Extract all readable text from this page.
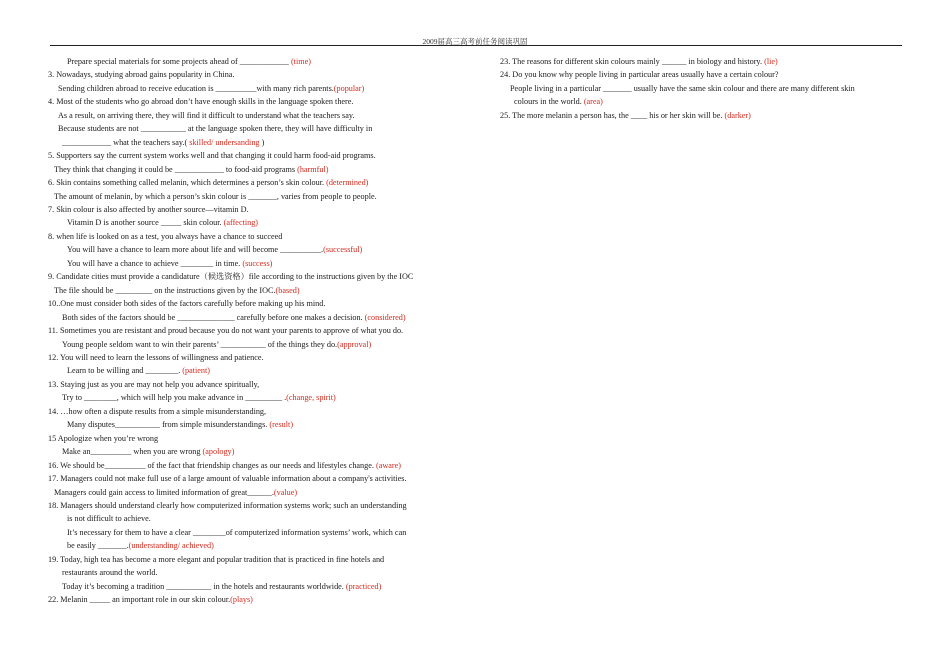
2009届高三高考前任务阅读巩固
Prepare special materials for some projects ahead of ____________ (time)
3. Nowadays, studying abroad gains popularity in China.
Sending children abroad to receive education is __________with many rich parents.(popular)
4. Most of the students who go abroad don’t have enough skills in the language spoken there.
As a result, on arriving there, they will find it difficult to understand what the teachers say.
Because students are not ___________ at the language spoken there, they will have difficulty in
____________ what the teachers say.( skilled/ undersanding )
5. Supporters say the current system works well and that changing it could harm food-aid programs.
They think that changing it could be ____________ to food-aid programs (harmful)
6. Skin contains something called melanin, which determines a person’s skin colour. (determined)
The amount of melanin, by which a person’s skin colour is _______, varies from people to people.
7. Skin colour is also affected by another source—vitamin D.
Vitamin D is another source _____ skin colour. (affecting)
8. when life is looked on as a test, you always have a chance to succeed
You will have a chance to learn more about life and will become __________.(successful)
You will have a chance to achieve ________ in time. (success)
9. Candidate cities must provide a candidature（候选资格）file according to the instructions given by the IOC
The file should be _________ on the instructions given by the IOC.(based)
10..One must consider both sides of the factors carefully before making up his mind.
Both sides of the factors should be ______________ carefully before one makes a decision. (considered)
11. Sometimes you are resistant and proud because you do not want your parents to approve of what you do.
Young people seldom want to win their parents’ ___________ of the things they do.(approval)
12. You will need to learn the lessons of willingness and patience.
Learn to be willing and ________. (patient)
13. Staying just as you are may not help you advance spiritually,
Try to ________, which will help you make advance in _________ .(change, spirit)
14. …how often a dispute results from a simple misunderstanding,
Many disputes___________ from simple misunderstandings. (result)
15 Apologize when you’re wrong
Make an__________ when you are wrong (apology)
16. We should be__________ of the fact that friendship changes as our needs and lifestyles change. (aware)
17. Managers could not make full use of a large amount of valuable information about a company's activities.
Managers could gain access to limited information of great______.(value)
18. Managers should understand clearly how computerized information systems work; such an understanding
is not difficult to achieve.
It’s necessary for them to have a clear ________of computerized information systems’ work, which can
be easily _______.(understanding/ achieved)
19. Today, high tea has become a more elegant and popular tradition that is practiced in fine hotels and
restaurants around the world.
Today it’s becoming a tradition ___________ in the hotels and restaurants worldwide. (practiced)
22. Melanin _____ an important role in our skin colour.(plays)
23. The reasons for different skin colours mainly ______ in biology and history. (lie)
24. Do you know why people living in particular areas usually have a certain colour?
People living in a particular _______ usually have the same skin colour and there are many different skin
colours in the world. (area)
25. The more melanin a person has, the ____ his or her skin will be. (darker)
